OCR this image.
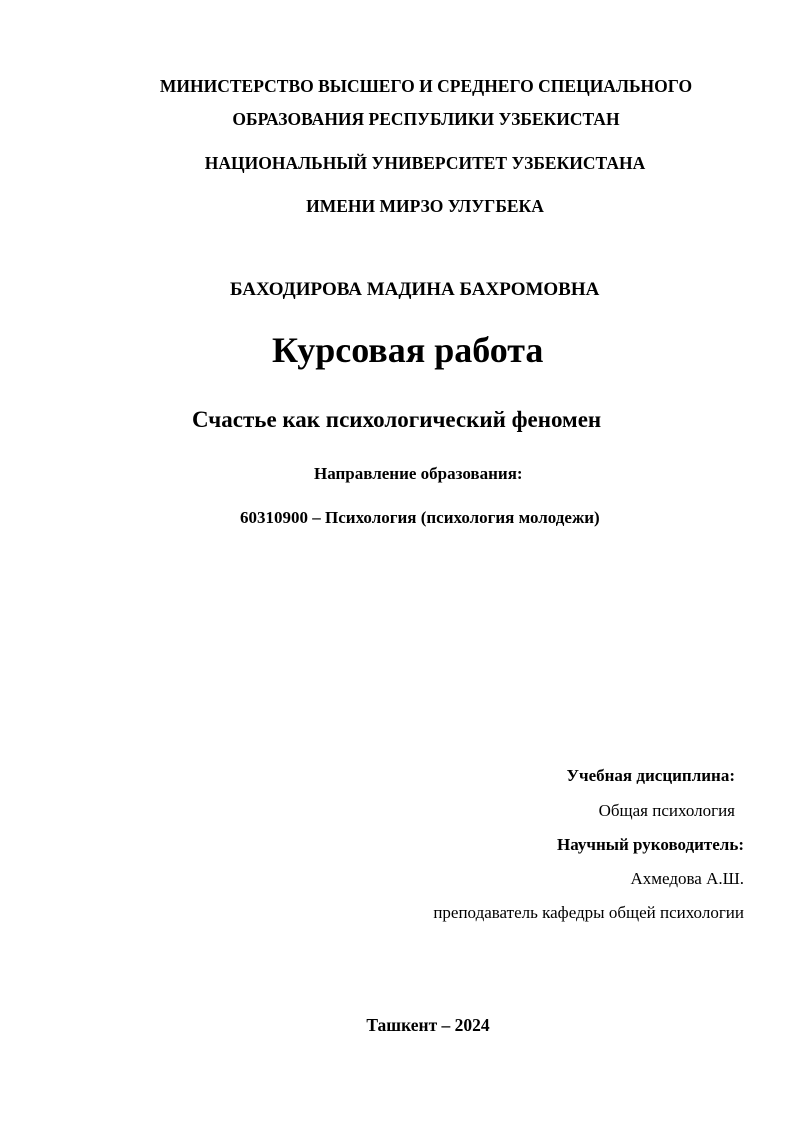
МИНИСТЕРСТВО ВЫСШЕГО И СРЕДНЕГО СПЕЦИАЛЬНОГО
ОБРАЗОВАНИЯ РЕСПУБЛИКИ УЗБЕКИСТАН
НАЦИОНАЛЬНЫЙ УНИВЕРСИТЕТ УЗБЕКИСТАНА
ИМЕНИ МИРЗО УЛУГБЕКА
БАХОДИРОВА МАДИНА БАХРОМОВНА
Курсовая работа
Счастье как психологический феномен
Направление образования:
60310900 – Психология (психология молодежи)
Учебная дисциплина:
Общая психология
Научный руководитель:
Ахмедова А.Ш.
преподаватель кафедры общей психологии
Ташкент – 2024
